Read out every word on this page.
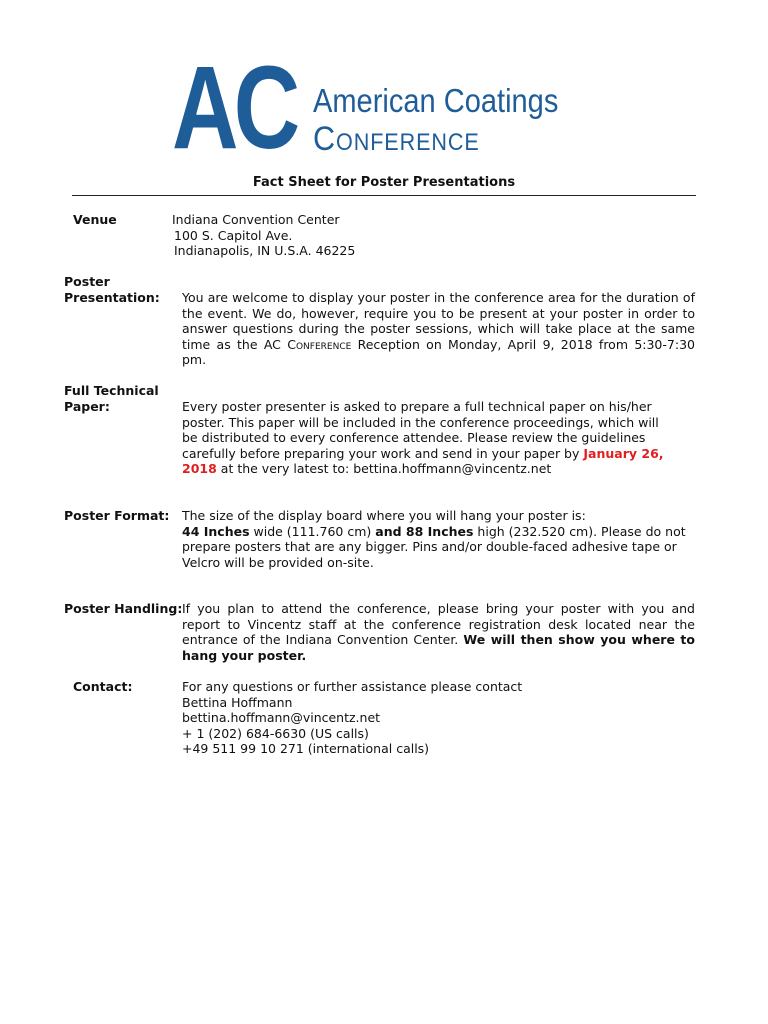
AC American Coatings
Conference
Fact Sheet for Poster Presentations
Venue	Indiana Convention Center
100 S. Capitol Ave.
Indianapolis, IN U.S.A. 46225
Poster
Presentation: You are welcome to display your poster in the conference area for the duration of the event. We do, however, require you to be present at your poster in order to answer questions during the poster sessions, which will take place at the same time as the AC Conference Reception on Monday, April 9, 2018 from 5:30-7:30 pm.
Full Technical
Paper:	Every poster presenter is asked to prepare a full technical paper on his/her
poster. This paper will be included in the conference proceedings, which will
be distributed to every conference attendee. Please review the guidelines
carefully before preparing your work and send in your paper by January 26,
2018 at the very latest to: bettina.hoffmann@vincentz.net
Poster Format: The size of the display board where you will hang your poster is:
44 Inches wide (111.760 cm) and 88 Inches high (232.520 cm). Please do not
prepare posters that are any bigger. Pins and/or double-faced adhesive tape or
Velcro will be provided on-site.
Poster Handling: If you plan to attend the conference, please bring your poster with you and report to Vincentz staff at the conference registration desk located near the entrance of the Indiana Convention Center. We will then show you where to hang your poster.
Contact:	For any questions or further assistance please contact
Bettina Hoffmann
bettina.hoffmann@vincentz.net
+ 1 (202) 684-6630 (US calls)
+49 511 99 10 271 (international calls)
